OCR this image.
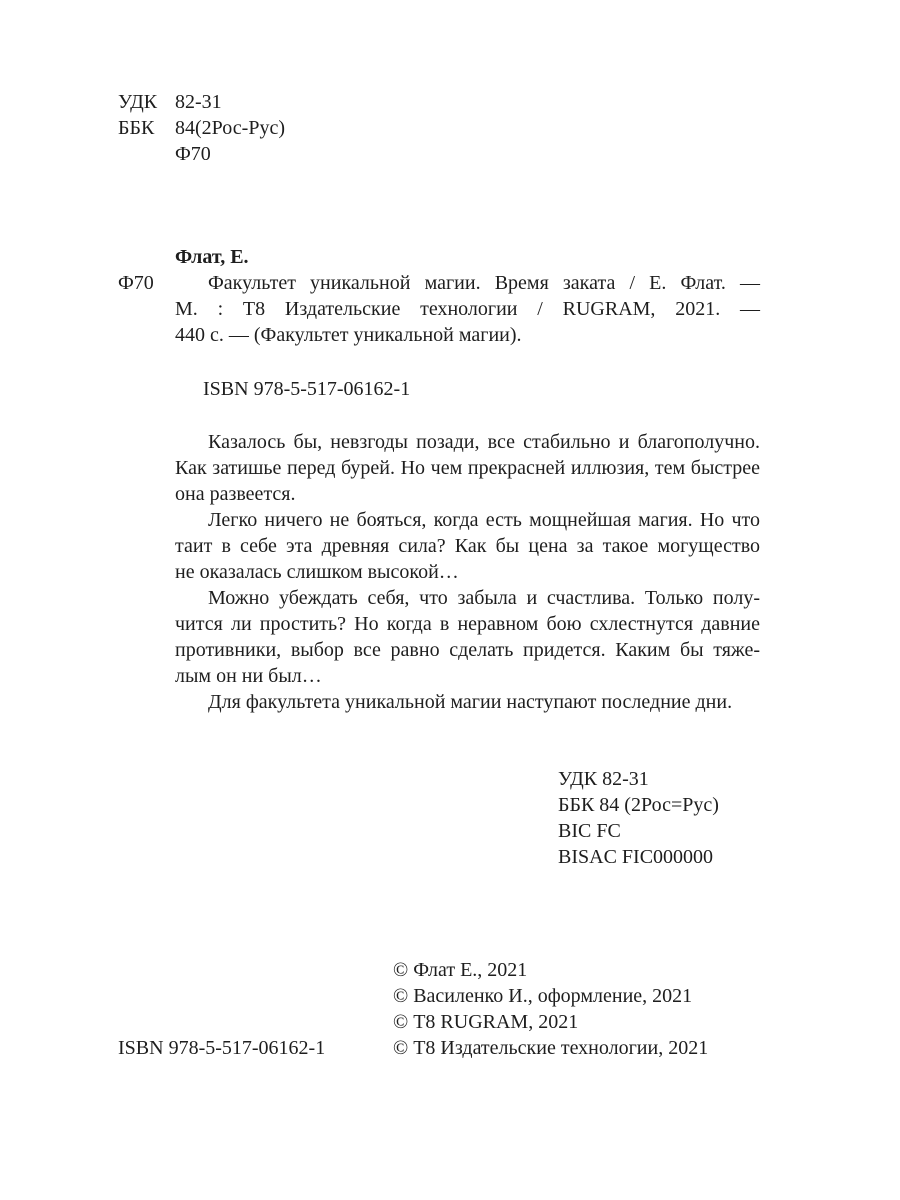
УДК 82-31
ББК 84(2Рос-Рус)
Ф70
Флат, Е.
Ф70	Факультет уникальной магии. Время заката / Е. Флат. —
М. : Т8 Издательские технологии / RUGRAM, 2021. —
440 с. — (Факультет уникальной магии).
ISBN 978-5-517-06162-1
Казалось бы, невзгоды позади, все стабильно и благополучно.
Как затишье перед бурей. Но чем прекрасней иллюзия, тем быстрее
она развеется.
Легко ничего не бояться, когда есть мощнейшая магия. Но что
таит в себе эта древняя сила? Как бы цена за такое могущество
не оказалась слишком высокой…
Можно убеждать себя, что забыла и счастлива. Только полу-
чится ли простить? Но когда в неравном бою схлестнутся давние
противники, выбор все равно сделать придется. Каким бы тяже-
лым он ни был…
Для факультета уникальной магии наступают последние дни.
УДК 82-31
ББК 84 (2Рос=Рус)
BIC FC
BISAC FIC000000
© Флат Е., 2021
© Василенко И., оформление, 2021
© Т8 RUGRAM, 2021
© Т8 Издательские технологии, 2021
ISBN 978-5-517-06162-1
